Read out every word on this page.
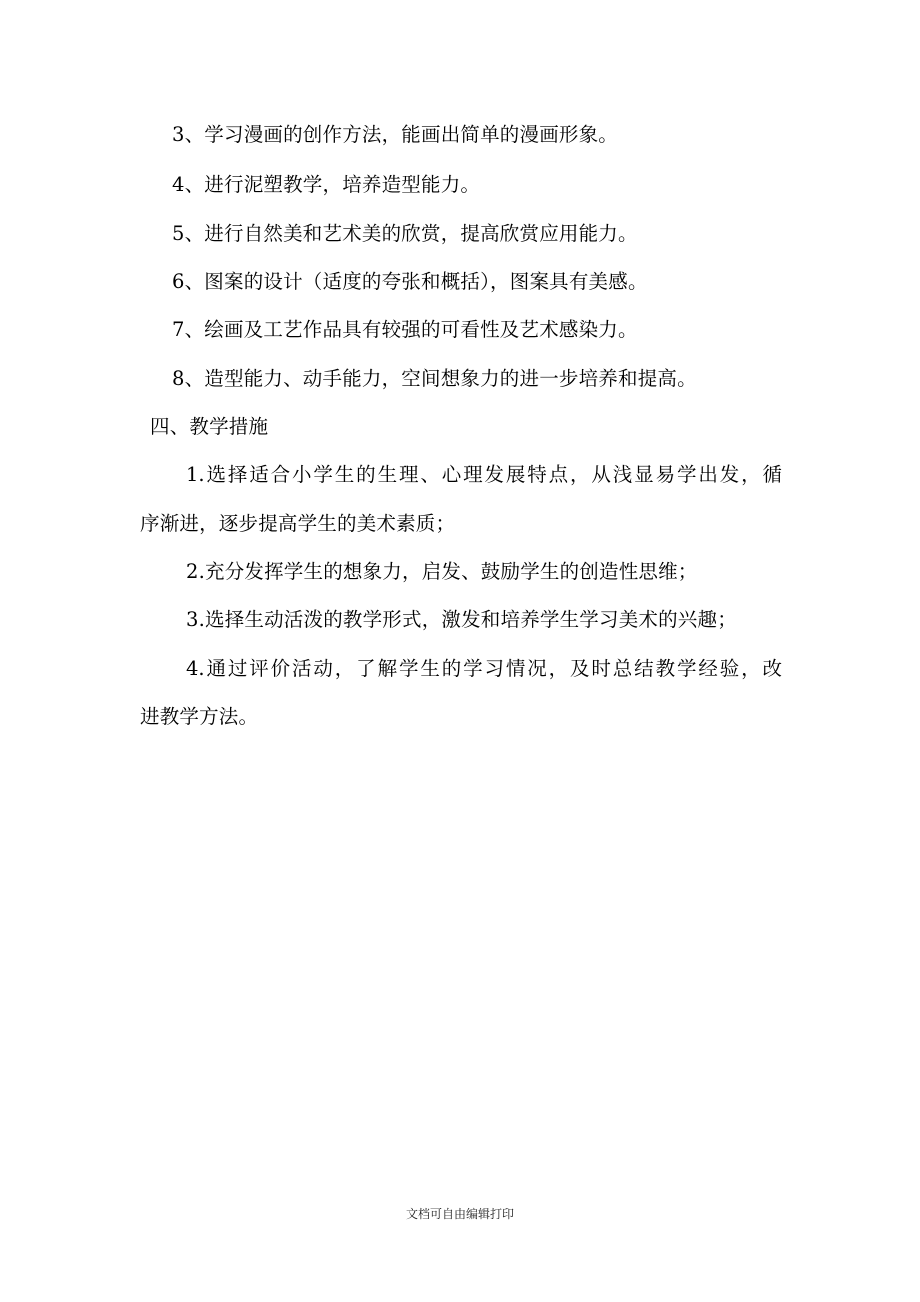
3、学习漫画的创作方法，能画出简单的漫画形象。
4、进行泥塑教学，培养造型能力。
5、进行自然美和艺术美的欣赏，提高欣赏应用能力。
6、图案的设计（适度的夸张和概括），图案具有美感。
7、绘画及工艺作品具有较强的可看性及艺术感染力。
8、造型能力、动手能力，空间想象力的进一步培养和提高。
四、教学措施
1.选择适合小学生的生理、心理发展特点，从浅显易学出发，循
序渐进，逐步提高学生的美术素质；
2.充分发挥学生的想象力，启发、鼓励学生的创造性思维；
3.选择生动活泼的教学形式，激发和培养学生学习美术的兴趣；
4.通过评价活动，了解学生的学习情况，及时总结教学经验，改
进教学方法。
文档可自由编辑打印
